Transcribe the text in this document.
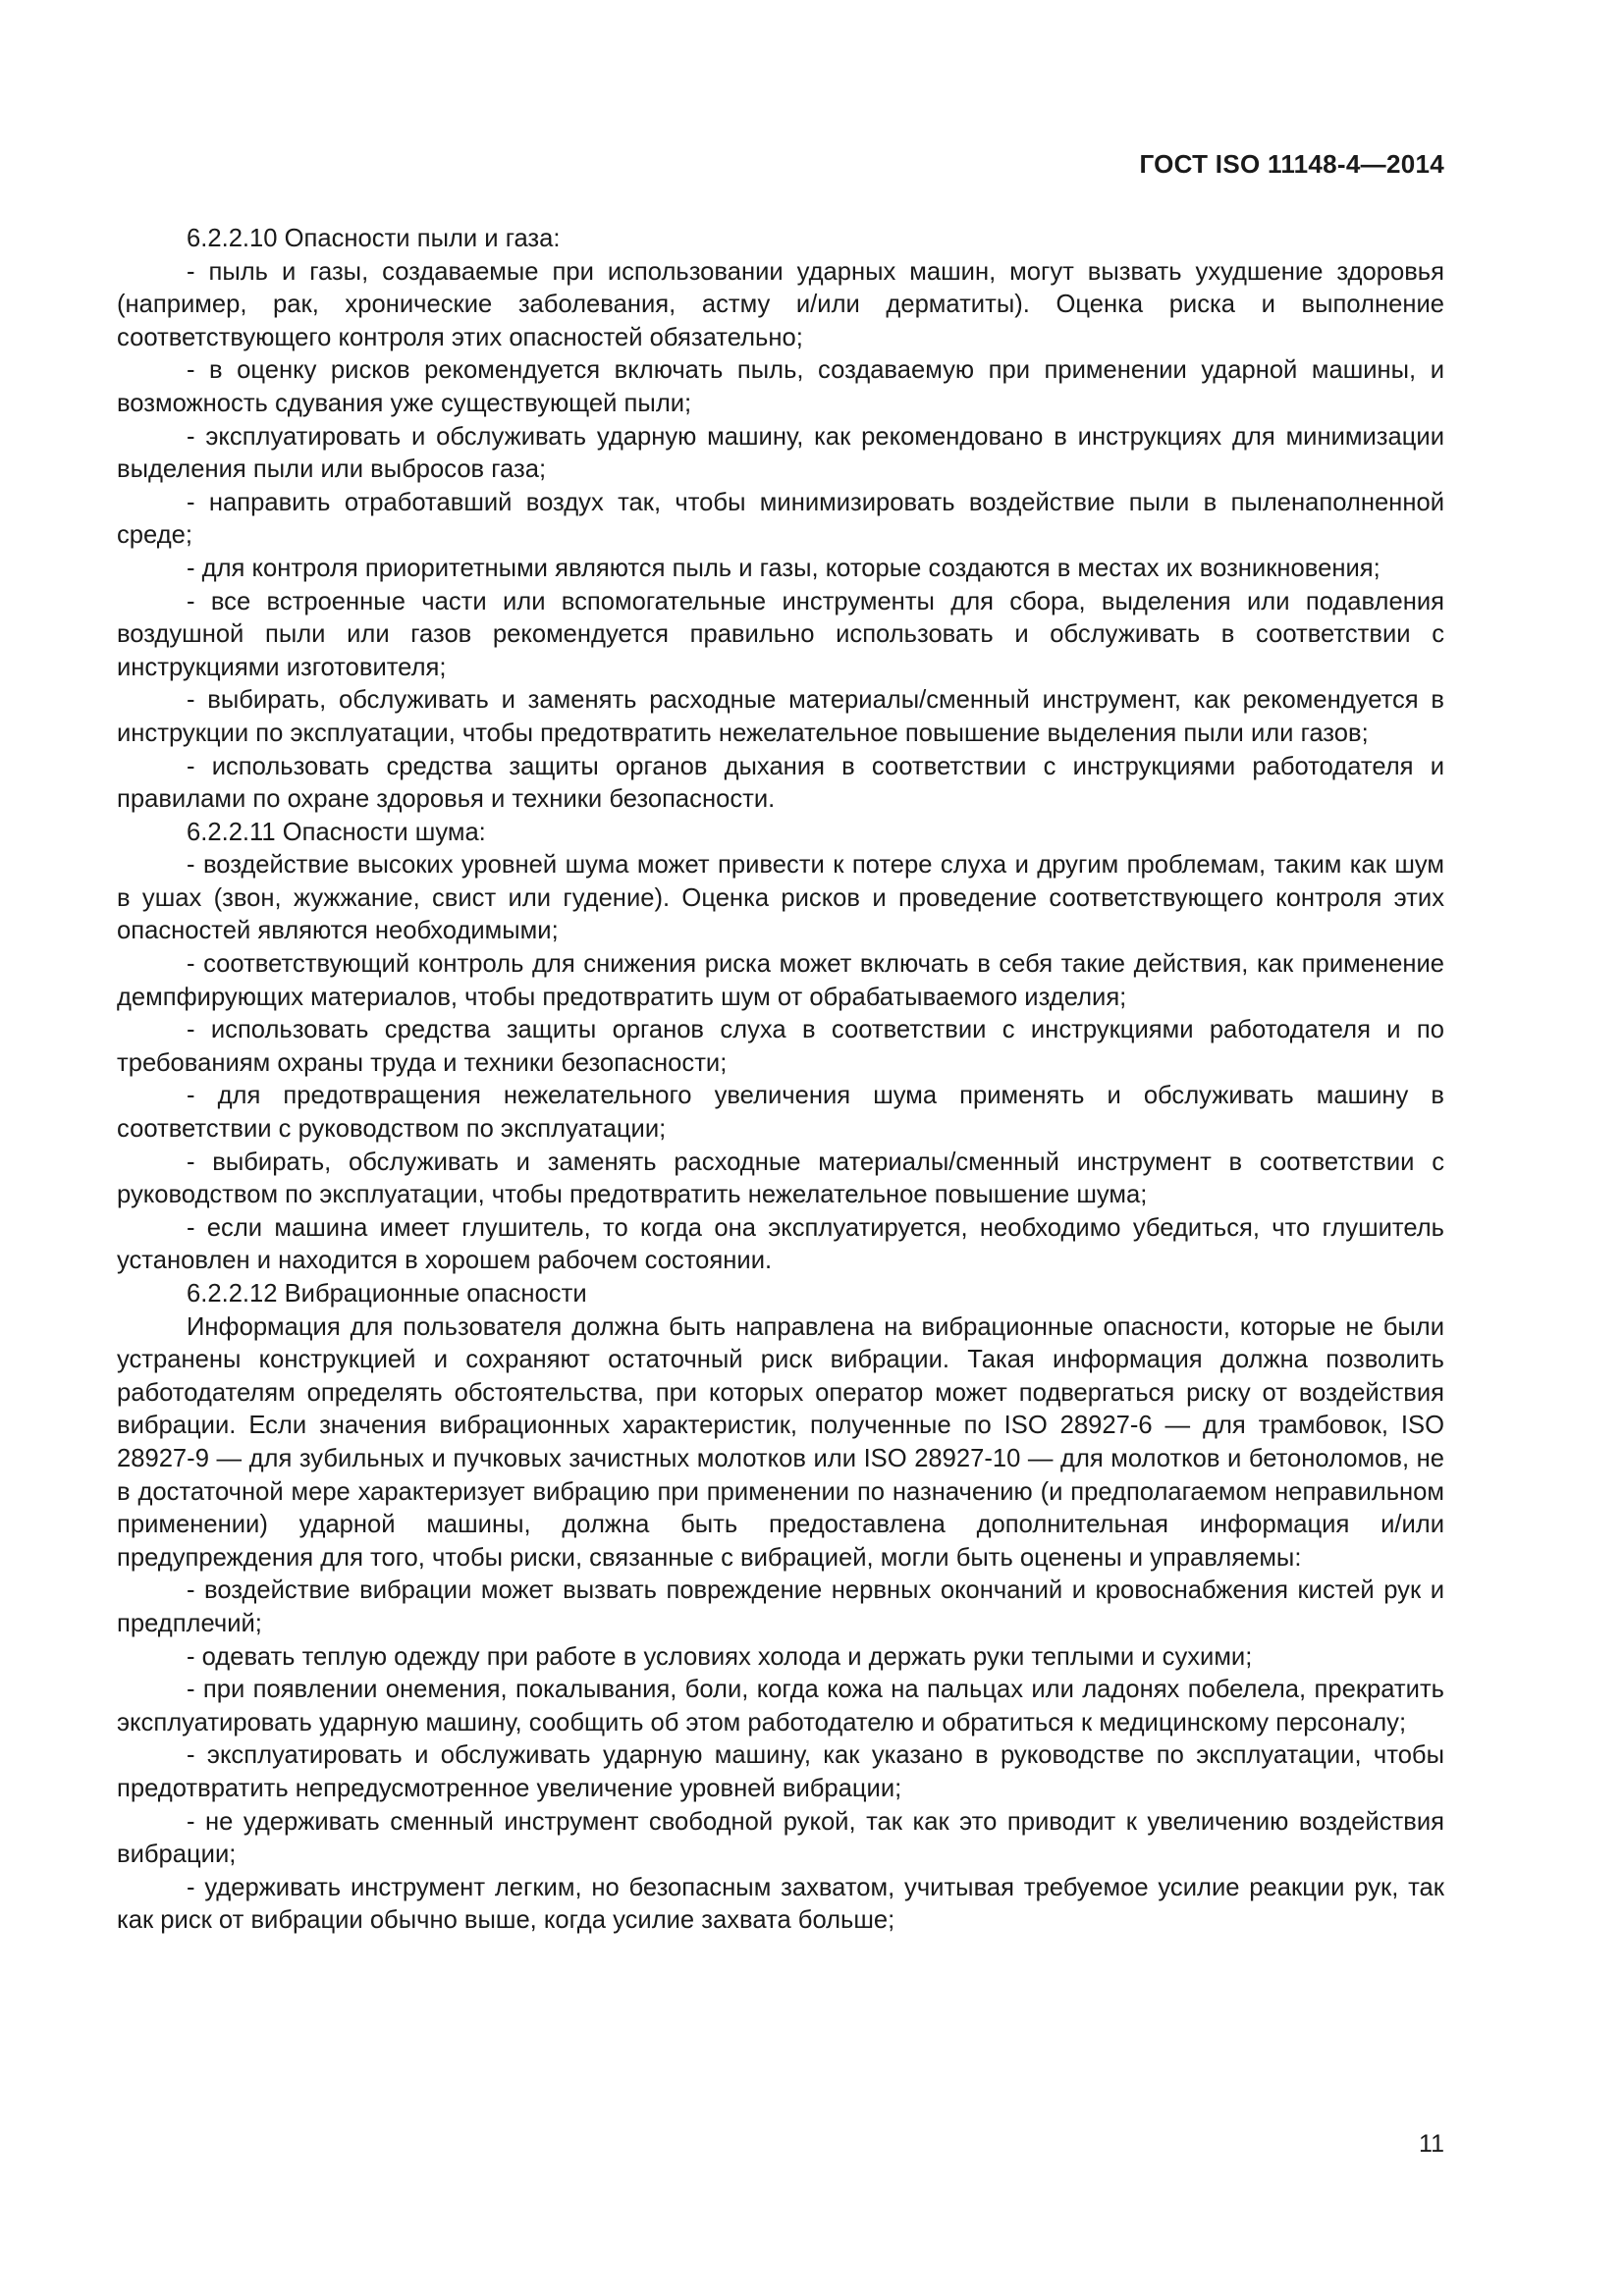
ГОСТ ISO 11148-4—2014

6.2.2.10 Опасности пыли и газа:

- пыль и газы, создаваемые при использовании ударных машин, могут вызвать ухудшение здоровья (например, рак, хронические заболевания, астму и/или дерматиты). Оценка риска и выполнение соответствующего контроля этих опасностей обязательно;

- в оценку рисков рекомендуется включать пыль, создаваемую при применении ударной машины, и возможность сдувания уже существующей пыли;

- эксплуатировать и обслуживать ударную машину, как рекомендовано в инструкциях для минимизации выделения пыли или выбросов газа;

- направить отработавший воздух так, чтобы минимизировать воздействие пыли в пыленаполненной среде;

- для контроля приоритетными являются пыль и газы, которые создаются в местах их возникновения;

- все встроенные части или вспомогательные инструменты для сбора, выделения или подавления воздушной пыли или газов рекомендуется правильно использовать и обслуживать в соответствии с инструкциями изготовителя;

- выбирать, обслуживать и заменять расходные материалы/сменный инструмент, как рекомендуется в инструкции по эксплуатации, чтобы предотвратить нежелательное повышение выделения пыли или газов;

- использовать средства защиты органов дыхания в соответствии с инструкциями работодателя и правилами по охране здоровья и техники безопасности.

6.2.2.11 Опасности шума:

- воздействие высоких уровней шума может привести к потере слуха и другим проблемам, таким как шум в ушах (звон, жужжание, свист или гудение). Оценка рисков и проведение соответствующего контроля этих опасностей являются необходимыми;

- соответствующий контроль для снижения риска может включать в себя такие действия, как применение демпфирующих материалов, чтобы предотвратить шум от обрабатываемого изделия;

- использовать средства защиты органов слуха в соответствии с инструкциями работодателя и по требованиям охраны труда и техники безопасности;

- для предотвращения нежелательного увеличения шума применять и обслуживать машину в соответствии с руководством по эксплуатации;

- выбирать, обслуживать и заменять расходные материалы/сменный инструмент в соответствии с руководством по эксплуатации, чтобы предотвратить нежелательное повышение шума;

- если машина имеет глушитель, то когда она эксплуатируется, необходимо убедиться, что глушитель установлен и находится в хорошем рабочем состоянии.

6.2.2.12 Вибрационные опасности

Информация для пользователя должна быть направлена на вибрационные опасности, которые не были устранены конструкцией и сохраняют остаточный риск вибрации. Такая информация должна позволить работодателям определять обстоятельства, при которых оператор может подвергаться риску от воздействия вибрации. Если значения вибрационных характеристик, полученные по ISO 28927-6 — для трамбовок, ISO 28927-9 — для зубильных и пучковых зачистных молотков или ISO 28927-10 — для молотков и бетоноломов, не в достаточной мере характеризует вибрацию при применении по назначению (и предполагаемом неправильном применении) ударной машины, должна быть предоставлена дополнительная информация и/или предупреждения для того, чтобы риски, связанные с вибрацией, могли быть оценены и управляемы:

- воздействие вибрации может вызвать повреждение нервных окончаний и кровоснабжения кистей рук и предплечий;

- одевать теплую одежду при работе в условиях холода и держать руки теплыми и сухими;

- при появлении онемения, покалывания, боли, когда кожа на пальцах или ладонях побелела, прекратить эксплуатировать ударную машину, сообщить об этом работодателю и обратиться к медицинскому персоналу;

- эксплуатировать и обслуживать ударную машину, как указано в руководстве по эксплуатации, чтобы предотвратить непредусмотренное увеличение уровней вибрации;

- не удерживать сменный инструмент свободной рукой, так как это приводит к увеличению воздействия вибрации;

- удерживать инструмент легким, но безопасным захватом, учитывая требуемое усилие реакции рук, так как риск от вибрации обычно выше, когда усилие захвата больше;

11
